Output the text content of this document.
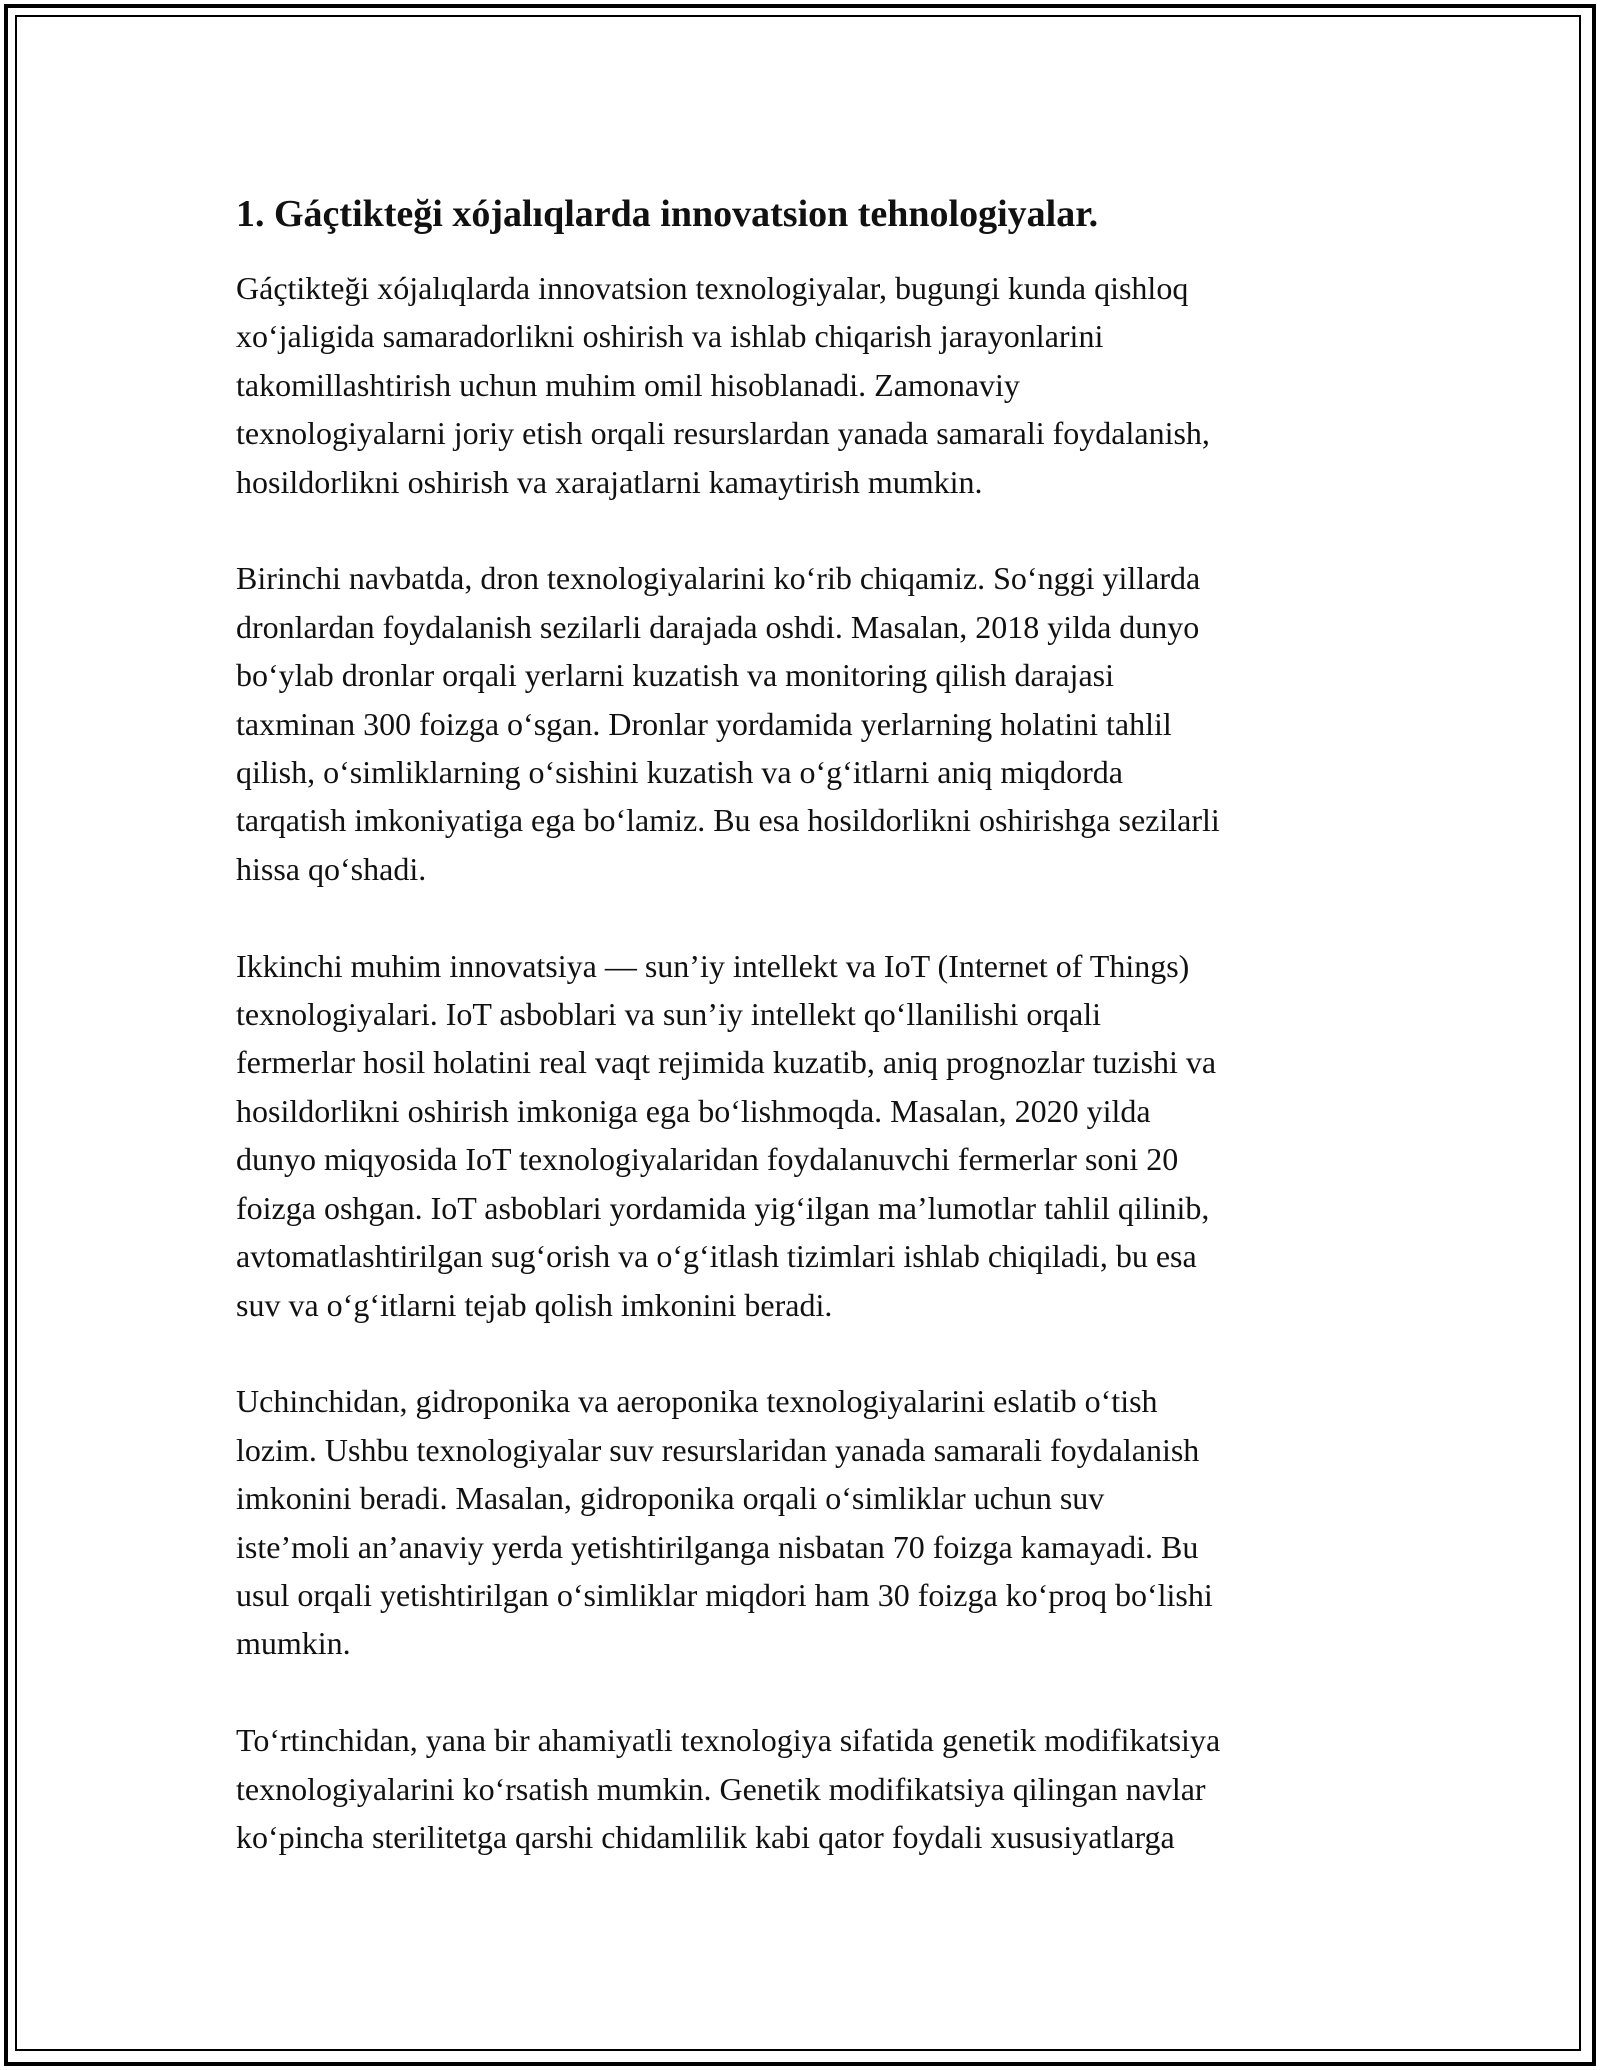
1. Gáçtikteği xójalıqlarda innovatsion tehnologiyalar.

Gáçtikteği xójalıqlarda innovatsion texnologiyalar, bugungi kunda qishloq
xo‘jaligida samaradorlikni oshirish va ishlab chiqarish jarayonlarini
takomillashtirish uchun muhim omil hisoblanadi. Zamonaviy
texnologiyalarni joriy etish orqali resurslardan yanada samarali foydalanish,
hosildorlikni oshirish va xarajatlarni kamaytirish mumkin.

Birinchi navbatda, dron texnologiyalarini ko‘rib chiqamiz. So‘nggi yillarda
dronlardan foydalanish sezilarli darajada oshdi. Masalan, 2018 yilda dunyo
bo‘ylab dronlar orqali yerlarni kuzatish va monitoring qilish darajasi
taxminan 300 foizga o‘sgan. Dronlar yordamida yerlarning holatini tahlil
qilish, o‘simliklarning o‘sishini kuzatish va o‘g‘itlarni aniq miqdorda
tarqatish imkoniyatiga ega bo‘lamiz. Bu esa hosildorlikni oshirishga sezilarli
hissa qo‘shadi.

Ikkinchi muhim innovatsiya — sun’iy intellekt va IoT (Internet of Things)
texnologiyalari. IoT asboblari va sun’iy intellekt qo‘llanilishi orqali
fermerlar hosil holatini real vaqt rejimida kuzatib, aniq prognozlar tuzishi va
hosildorlikni oshirish imkoniga ega bo‘lishmoqda. Masalan, 2020 yilda
dunyo miqyosida IoT texnologiyalaridan foydalanuvchi fermerlar soni 20
foizga oshgan. IoT asboblari yordamida yig‘ilgan ma’lumotlar tahlil qilinib,
avtomatlashtirilgan sug‘orish va o‘g‘itlash tizimlari ishlab chiqiladi, bu esa
suv va o‘g‘itlarni tejab qolish imkonini beradi.

Uchinchidan, gidroponika va aeroponika texnologiyalarini eslatib o‘tish
lozim. Ushbu texnologiyalar suv resurslaridan yanada samarali foydalanish
imkonini beradi. Masalan, gidroponika orqali o‘simliklar uchun suv
iste’moli an’anaviy yerda yetishtirilganga nisbatan 70 foizga kamayadi. Bu
usul orqali yetishtirilgan o‘simliklar miqdori ham 30 foizga ko‘proq bo‘lishi
mumkin.

To‘rtinchidan, yana bir ahamiyatli texnologiya sifatida genetik modifikatsiya
texnologiyalarini ko‘rsatish mumkin. Genetik modifikatsiya qilingan navlar
ko‘pincha sterilitetga qarshi chidamlilik kabi qator foydali xususiyatlarga
